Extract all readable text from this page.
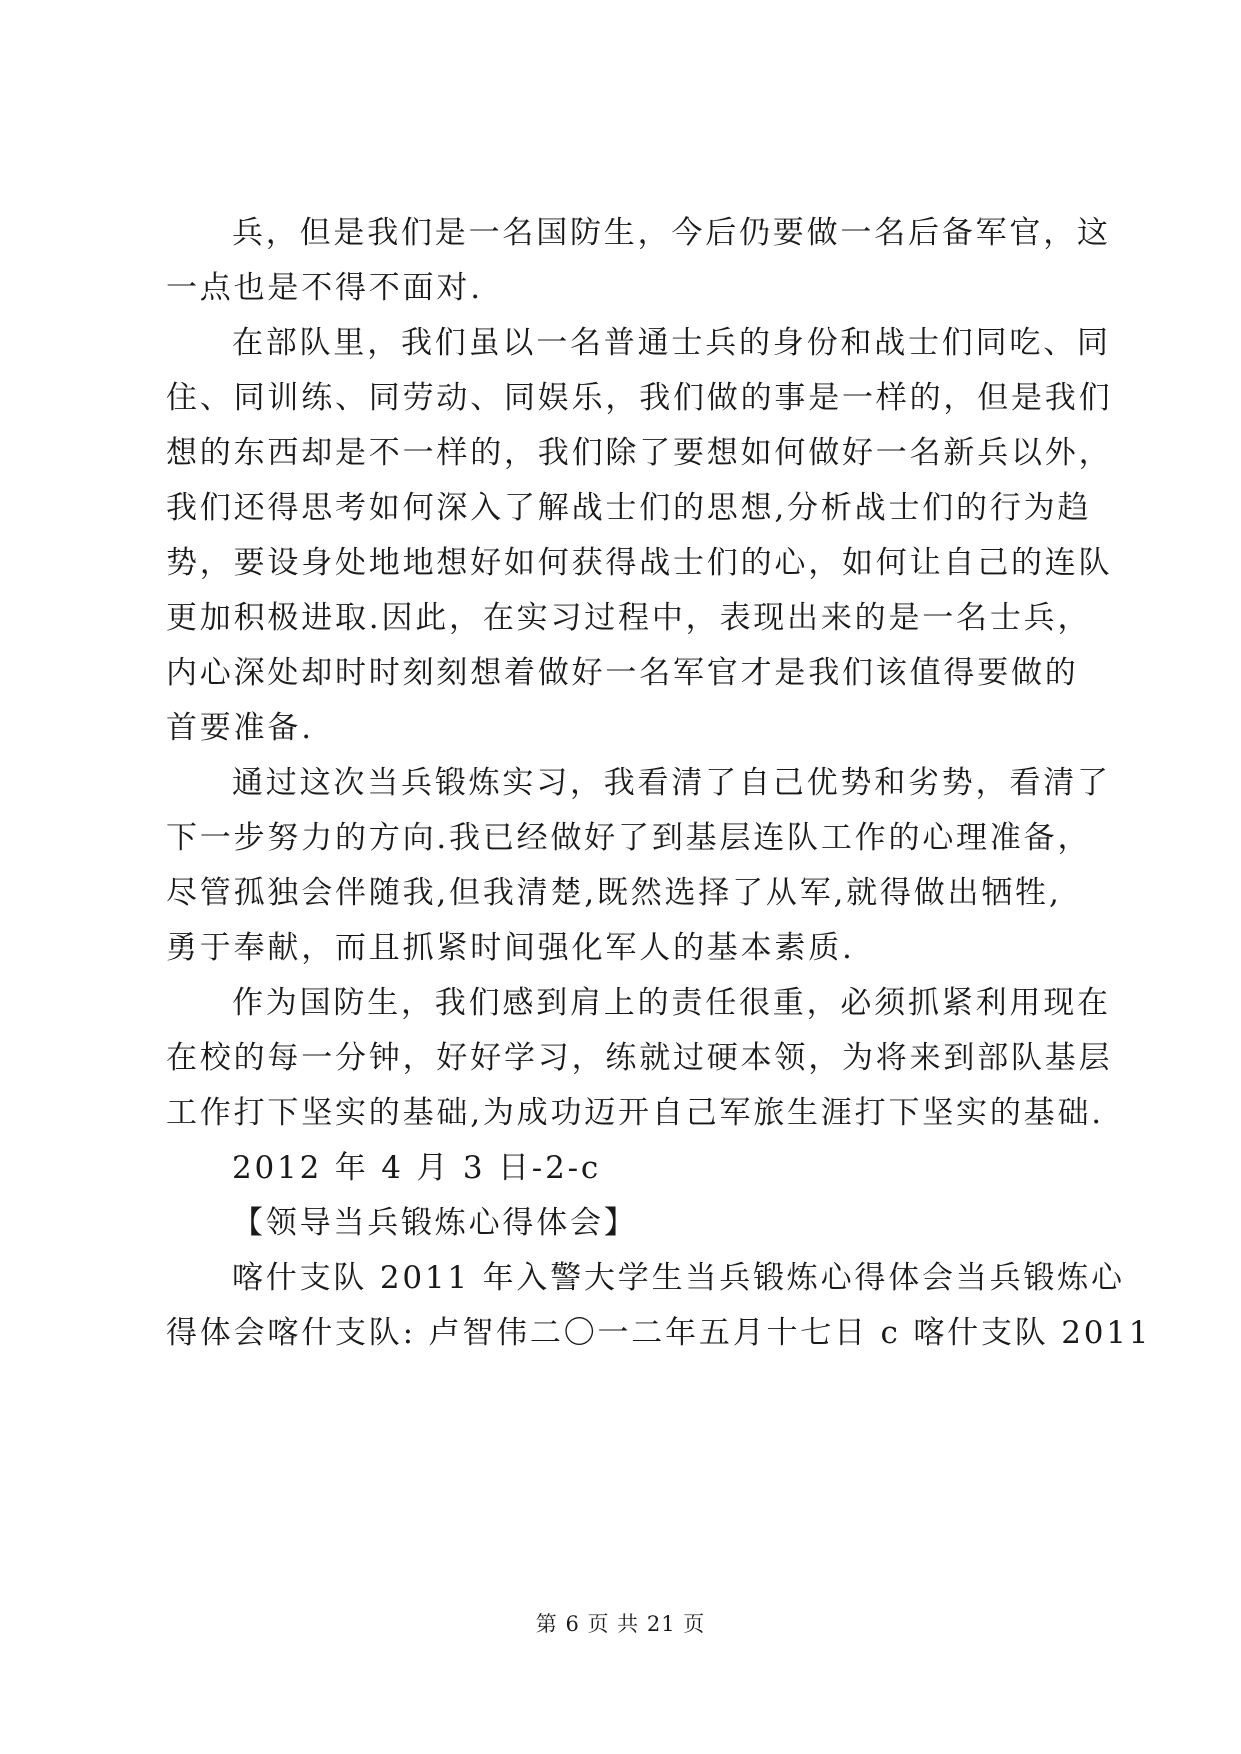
兵，但是我们是一名国防生，今后仍要做一名后备军官，这
一点也是不得不面对.
在部队里，我们虽以一名普通士兵的身份和战士们同吃、同
住、同训练、同劳动、同娱乐，我们做的事是一样的，但是我们
想的东西却是不一样的，我们除了要想如何做好一名新兵以外，
我们还得思考如何深入了解战士们的思想,分析战士们的行为趋
势，要设身处地地想好如何获得战士们的心，如何让自己的连队
更加积极进取.因此，在实习过程中，表现出来的是一名士兵，
内心深处却时时刻刻想着做好一名军官才是我们该值得要做的
首要准备.
通过这次当兵锻炼实习，我看清了自己优势和劣势，看清了
下一步努力的方向.我已经做好了到基层连队工作的心理准备，
尽管孤独会伴随我,但我清楚,既然选择了从军,就得做出牺牲,
勇于奉献，而且抓紧时间强化军人的基本素质.
作为国防生，我们感到肩上的责任很重，必须抓紧利用现在
在校的每一分钟，好好学习，练就过硬本领，为将来到部队基层
工作打下坚实的基础,为成功迈开自己军旅生涯打下坚实的基础.
2012 年 4 月 3 日-2-c
【领导当兵锻炼心得体会】
喀什支队 2011 年入警大学生当兵锻炼心得体会当兵锻炼心
得体会喀什支队: 卢智伟二〇一二年五月十七日 c 喀什支队 2011
第 6 页 共 21 页
